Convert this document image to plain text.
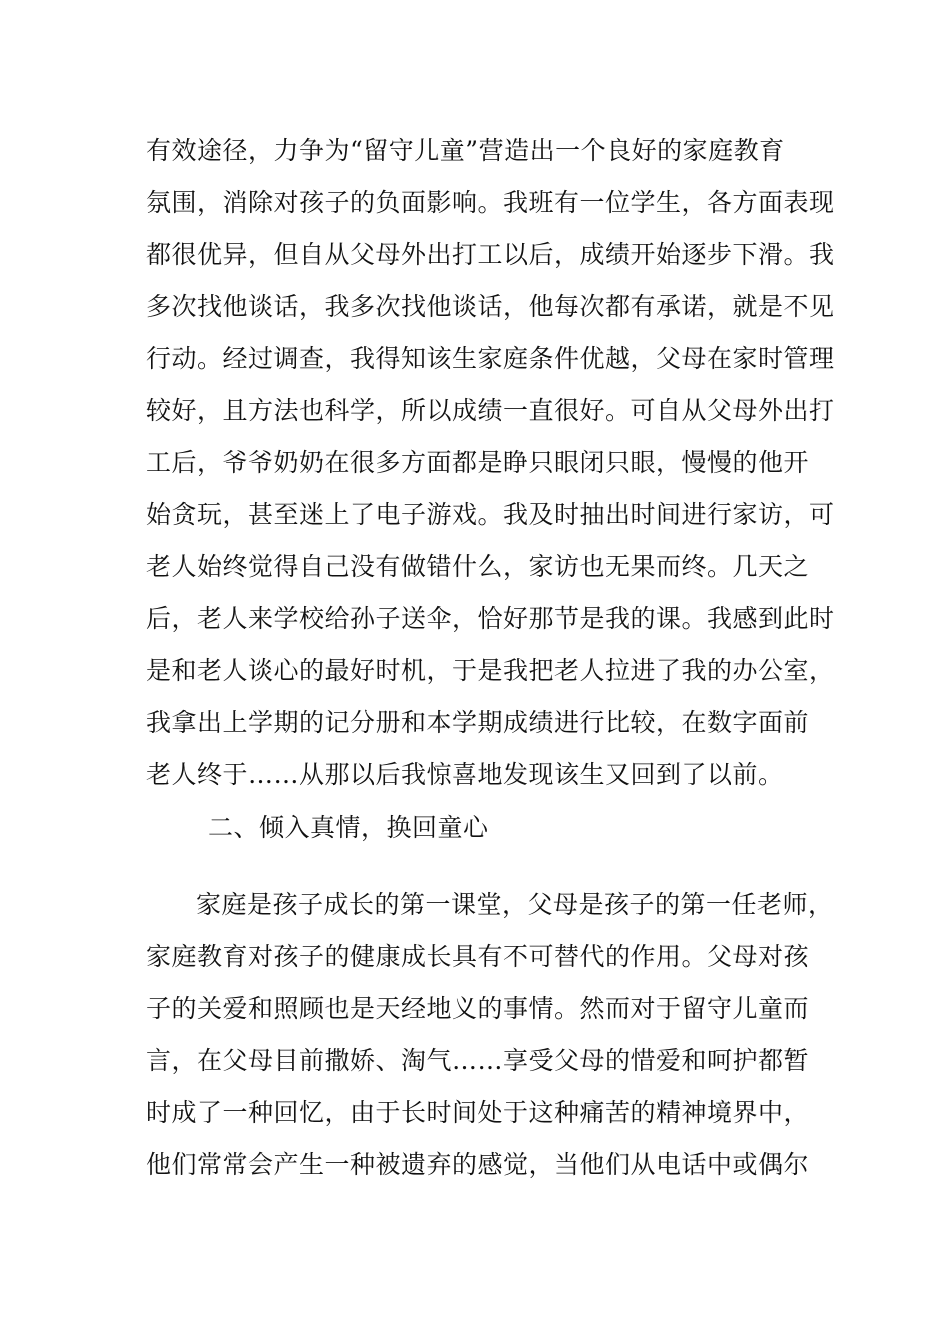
有效途径，力争为“留守儿童”营造出一个良好的家庭教育
氛围，消除对孩子的负面影响。我班有一位学生，各方面表现
都很优异，但自从父母外出打工以后，成绩开始逐步下滑。我
多次找他谈话，我多次找他谈话，他每次都有承诺，就是不见
行动。经过调查，我得知该生家庭条件优越，父母在家时管理
较好，且方法也科学，所以成绩一直很好。可自从父母外出打
工后，爷爷奶奶在很多方面都是睁只眼闭只眼，慢慢的他开
始贪玩，甚至迷上了电子游戏。我及时抽出时间进行家访，可
老人始终觉得自己没有做错什么，家访也无果而终。几天之
后，老人来学校给孙子送伞，恰好那节是我的课。我感到此时
是和老人谈心的最好时机，于是我把老人拉进了我的办公室，
我拿出上学期的记分册和本学期成绩进行比较，在数字面前
老人终于……从那以后我惊喜地发现该生又回到了以前。
二、倾入真情，换回童心
家庭是孩子成长的第一课堂，父母是孩子的第一任老师，
家庭教育对孩子的健康成长具有不可替代的作用。父母对孩
子的关爱和照顾也是天经地义的事情。然而对于留守儿童而
言，在父母目前撒娇、淘气……享受父母的惜爱和呵护都暂
时成了一种回忆，由于长时间处于这种痛苦的精神境界中，
他们常常会产生一种被遗弃的感觉，当他们从电话中或偶尔
